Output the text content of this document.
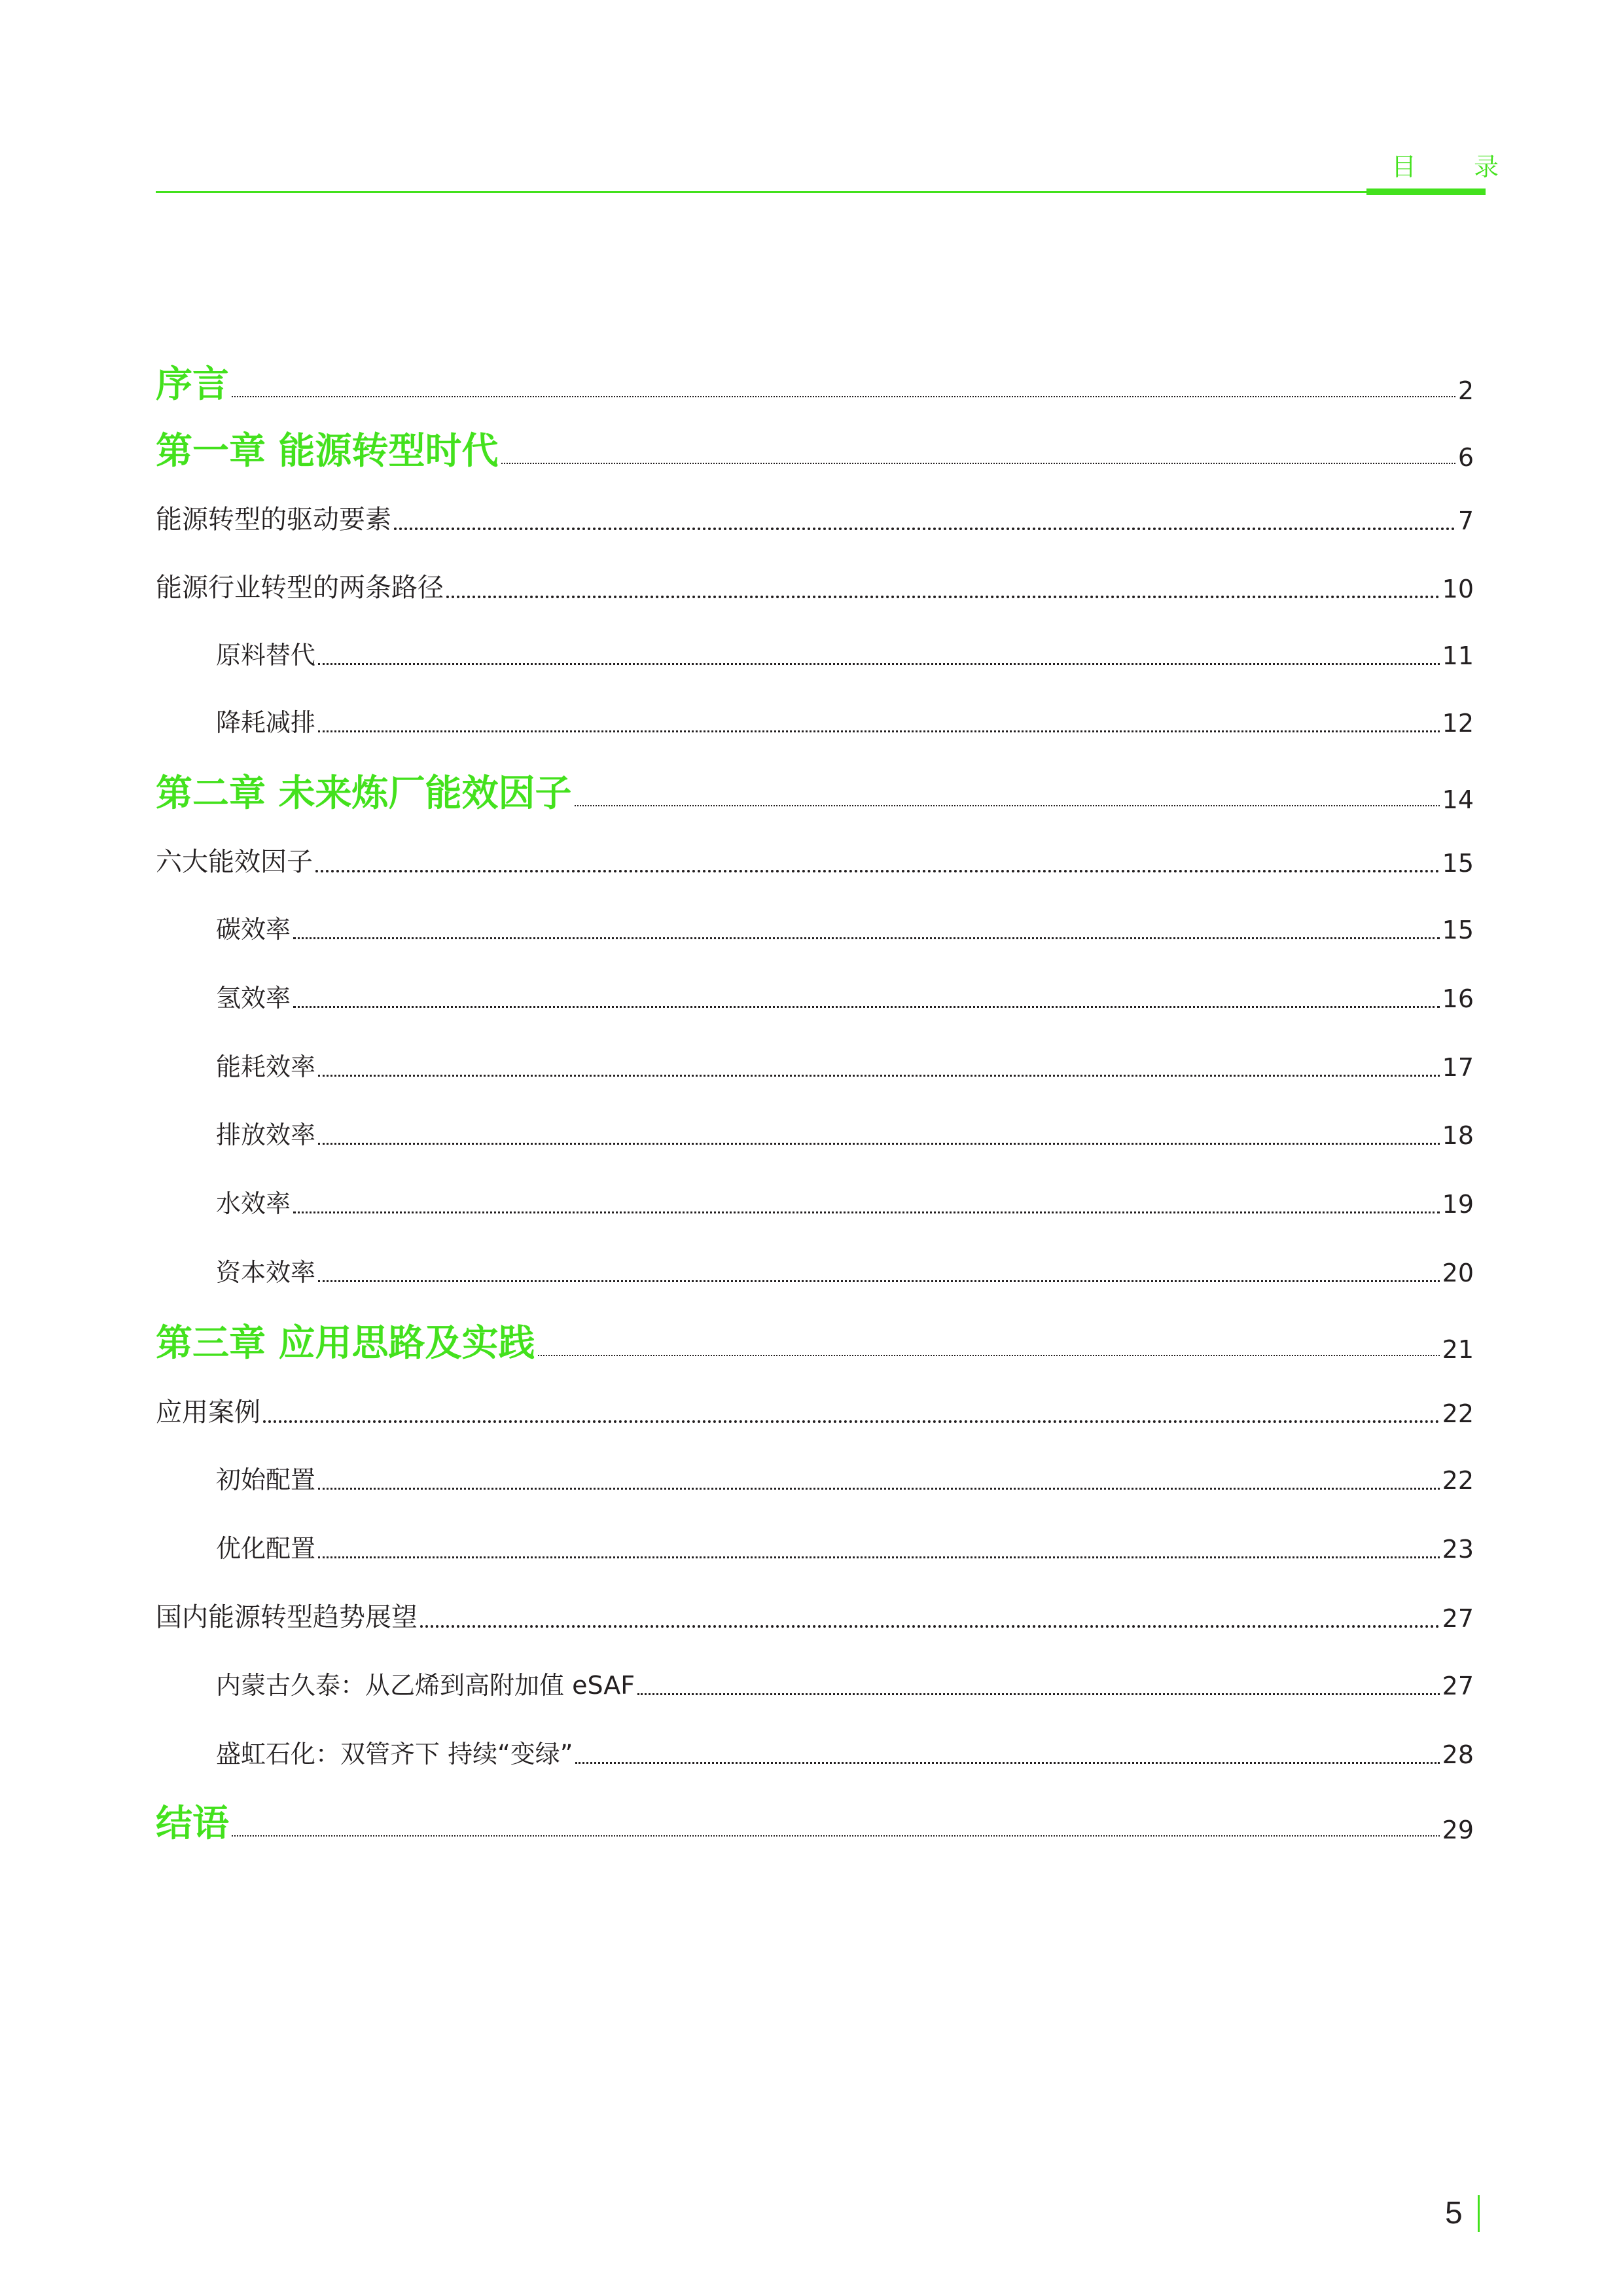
目 录
序言	2
第一章 能源转型时代	6
能源转型的驱动要素	7
能源行业转型的两条路径	10
原料替代	11
降耗减排	12
第二章 未来炼厂能效因子	14
六大能效因子	15
碳效率	15
氢效率	16
能耗效率	17
排放效率	18
水效率	19
资本效率	20
第三章 应用思路及实践	21
应用案例	22
初始配置	22
优化配置	23
国内能源转型趋势展望	27
内蒙古久泰：从乙烯到高附加值 eSAF	27
盛虹石化：双管齐下 持续“变绿”	28
结语	29
5
